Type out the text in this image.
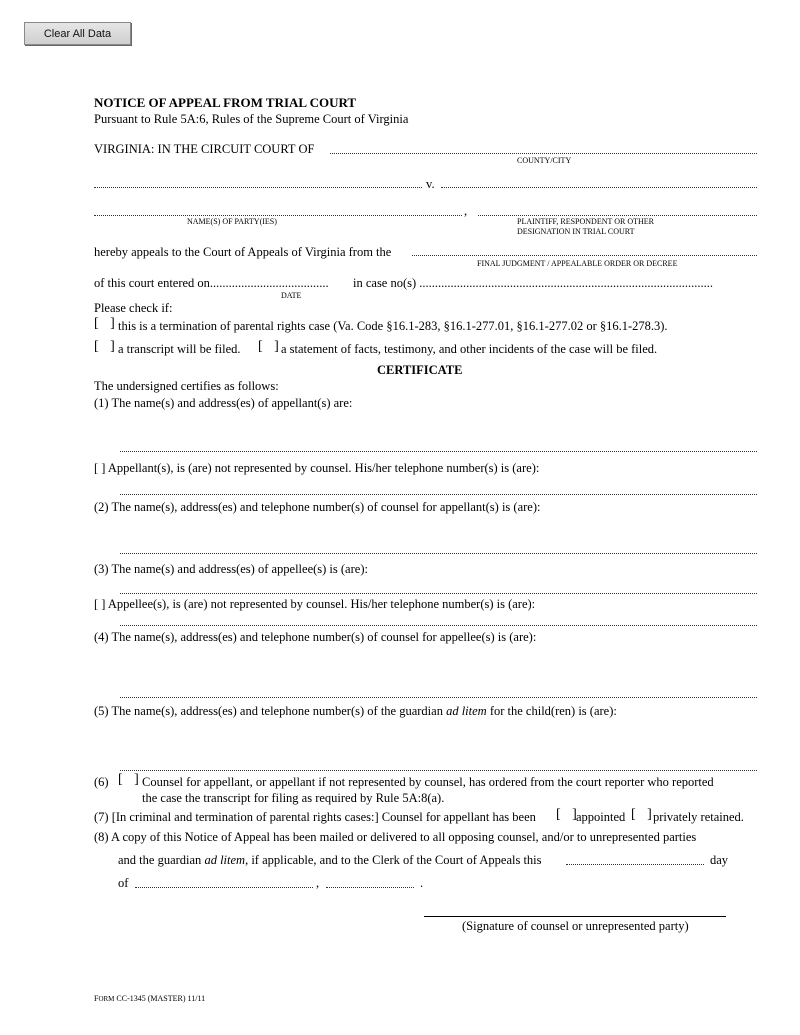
Clear All Data
NOTICE OF APPEAL FROM TRIAL COURT
Pursuant to Rule 5A:6, Rules of the Supreme Court of Virginia
VIRGINIA: IN THE CIRCUIT COURT OF
COUNTY/CITY
v.
,
NAME(S) OF PARTY(IES)	PLAINTIFF, RESPONDENT OR OTHER
DESIGNATION IN TRIAL COURT
hereby appeals to the Court of Appeals of Virginia from the
FINAL JUDGMENT / APPEALABLE ORDER OR DECREE
of this court entered on...................................... in case no(s) ..............................................................................................
DATE
Please check if:
[ ] this is a termination of parental rights case (Va. Code §16.1-283, §16.1-277.01, §16.1-277.02 or §16.1-278.3).
[ ] a transcript will be filed. [ ]
a statement of facts, testimony, and other incidents of the case will be filed.
CERTIFICATE
The undersigned certifies as follows:
(1) The name(s) and address(es) of appellant(s) are:
[ ] Appellant(s), is (are) not represented by counsel. His/her telephone number(s) is (are):
(2) The name(s), address(es) and telephone number(s) of counsel for appellant(s) is (are):
(3) The name(s) and address(es) of appellee(s) is (are):
[ ] Appellee(s), is (are) not represented by counsel. His/her telephone number(s) is (are):
(4) The name(s), address(es) and telephone number(s) of counsel for appellee(s) is (are):
(5) The name(s), address(es) and telephone number(s) of the guardian ad litem for the child(ren) is (are):
(6) [ ] Counsel for appellant, or appellant if not represented by counsel, has ordered from the court reporter who reported
the case the transcript for filing as required by Rule 5A:8(a).
(7) [In criminal and termination of parental rights cases:] Counsel for appellant has been [ ]
appointed [ ]
privately retained.
(8) A copy of this Notice of Appeal has been mailed or delivered to all opposing counsel, and/or to unrepresented parties
and the guardian ad litem, if applicable, and to the Clerk of the Court of Appeals this	day
of	,	.
(Signature of counsel or unrepresented party)
FORM CC-1345 (MASTER) 11/11
